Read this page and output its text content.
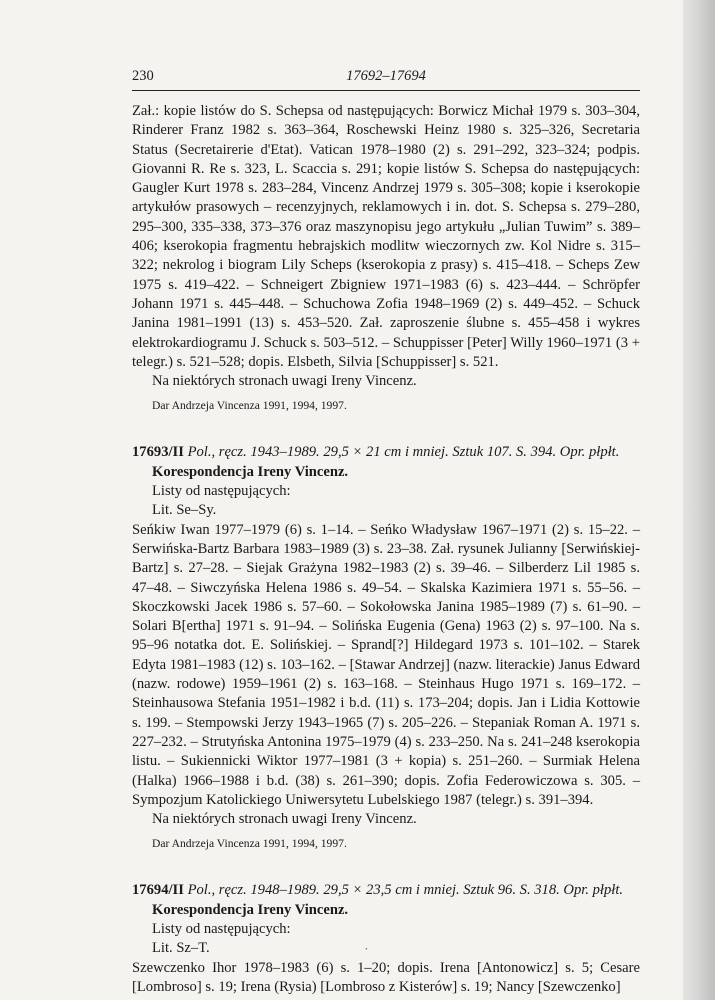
230	17692–17694

Zał.: kopie listów do S. Schepsa od następujących: Borwicz Michał 1979 s. 303–304, Rinderer Franz 1982 s. 363–364, Roschewski Heinz 1980 s. 325–326, Secretaria Status (Secretairerie d'Etat). Vatican 1978–1980 (2) s. 291–292, 323–324; podpis. Giovanni R. Re s. 323, L. Scaccia s. 291; kopie listów S. Schepsa do następujących: Gaugler Kurt 1978 s. 283–284, Vincenz Andrzej 1979 s. 305–308; kopie i kserokopie artykułów prasowych – recenzyjnych, reklamowych i in. dot. S. Schepsa s. 279–280, 295–300, 335–338, 373–376 oraz maszynopisu jego artykułu „Julian Tuwim” s. 389–406; kserokopia fragmentu hebrajskich modlitw wieczornych zw. Kol Nidre s. 315–322; nekrolog i biogram Lily Scheps (kserokopia z prasy) s. 415–418. – Scheps Zew 1975 s. 419–422. – Schneigert Zbigniew 1971–1983 (6) s. 423–444. – Schröpfer Johann 1971 s. 445–448. – Schuchowa Zofia 1948–1969 (2) s. 449–452. – Schuck Janina 1981–1991 (13) s. 453–520. Zał. zaproszenie ślubne s. 455–458 i wykres elektrokardiogramu J. Schuck s. 503–512. – Schuppisser [Peter] Willy 1960–1971 (3 + telegr.) s. 521–528; dopis. Elsbeth, Silvia [Schuppisser] s. 521.

Na niektórych stronach uwagi Ireny Vincenz.

Dar Andrzeja Vincenza 1991, 1994, 1997.

17693/II Pol., ręcz. 1943–1989. 29,5 × 21 cm i mniej. Sztuk 107. S. 394. Opr. płpłt.

Korespondencja Ireny Vincenz.

Listy od następujących:

Lit. Se–Sy.

Seńkiw Iwan 1977–1979 (6) s. 1–14. – Seńko Władysław 1967–1971 (2) s. 15–22. – Serwińska-Bartz Barbara 1983–1989 (3) s. 23–38. Zał. rysunek Julianny [Serwińskiej-Bartz] s. 27–28. – Siejak Grażyna 1982–1983 (2) s. 39–46. – Silberderz Lil 1985 s. 47–48. – Siwczyńska Helena 1986 s. 49–54. – Skalska Kazimiera 1971 s. 55–56. – Skoczkowski Jacek 1986 s. 57–60. – Sokołowska Janina 1985–1989 (7) s. 61–90. – Solari B[ertha] 1971 s. 91–94. – Solińska Eugenia (Gena) 1963 (2) s. 97–100. Na s. 95–96 notatka dot. E. Solińskiej. – Sprand[?] Hildegard 1973 s. 101–102. – Starek Edyta 1981–1983 (12) s. 103–162. – [Stawar Andrzej] (nazw. literackie) Janus Edward (nazw. rodowe) 1959–1961 (2) s. 163–168. – Steinhaus Hugo 1971 s. 169–172. – Steinhausowa Stefania 1951–1982 i b.d. (11) s. 173–204; dopis. Jan i Lidia Kottowie s. 199. – Stempowski Jerzy 1943–1965 (7) s. 205–226. – Stepaniak Roman A. 1971 s. 227–232. – Strutyńska Antonina 1975–1979 (4) s. 233–250. Na s. 241–248 kserokopia listu. – Sukiennicki Wiktor 1977–1981 (3 + kopia) s. 251–260. – Surmiak Helena (Halka) 1966–1988 i b.d. (38) s. 261–390; dopis. Zofia Federowiczowa s. 305. – Sympozjum Katolickiego Uniwersytetu Lubelskiego 1987 (telegr.) s. 391–394.

Na niektórych stronach uwagi Ireny Vincenz.

Dar Andrzeja Vincenza 1991, 1994, 1997.

17694/II Pol., ręcz. 1948–1989. 29,5 × 23,5 cm i mniej. Sztuk 96. S. 318. Opr. płpłt.

Korespondencja Ireny Vincenz.

Listy od następujących:

Lit. Sz–T.

Szewczenko Ihor 1978–1983 (6) s. 1–20; dopis. Irena [Antonowicz] s. 5; Cesare [Lombroso] s. 19; Irena (Rysia) [Lombroso z Kisterów] s. 19; Nancy [Szewczenko]

˙
